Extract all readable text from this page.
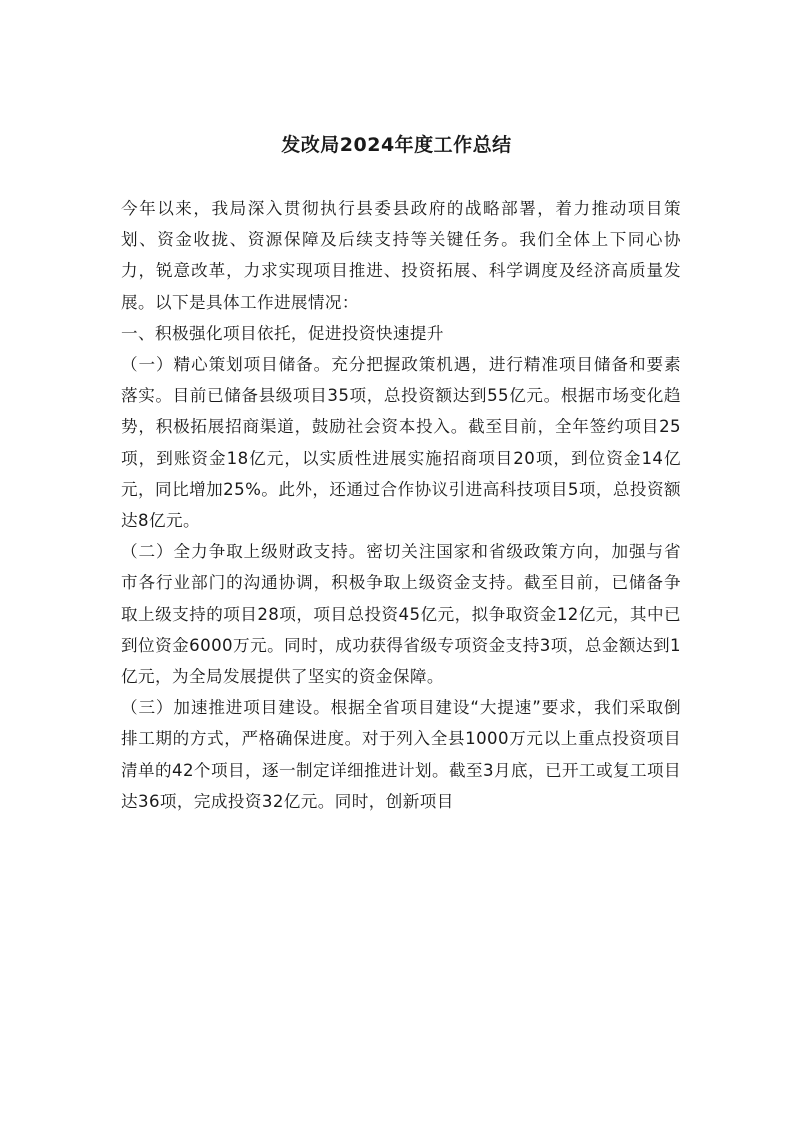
发改局2024年度工作总结

今年以来，我局深入贯彻执行县委县政府的战略部署，着力推动项目策划、资金收拢、资源保障及后续支持等关键任务。我们全体上下同心协力，锐意改革，力求实现项目推进、投资拓展、科学调度及经济高质量发展。以下是具体工作进展情况：

一、积极强化项目依托，促进投资快速提升

（一）精心策划项目储备。充分把握政策机遇，进行精准项目储备和要素落实。目前已储备县级项目35项，总投资额达到55亿元。根据市场变化趋势，积极拓展招商渠道，鼓励社会资本投入。截至目前，全年签约项目25项，到账资金18亿元，以实质性进展实施招商项目20项，到位资金14亿元，同比增加25%。此外，还通过合作协议引进高科技项目5项，总投资额达8亿元。

（二）全力争取上级财政支持。密切关注国家和省级政策方向，加强与省市各行业部门的沟通协调，积极争取上级资金支持。截至目前，已储备争取上级支持的项目28项，项目总投资45亿元，拟争取资金12亿元，其中已到位资金6000万元。同时，成功获得省级专项资金支持3项，总金额达到1亿元，为全局发展提供了坚实的资金保障。

（三）加速推进项目建设。根据全省项目建设“大提速”要求，我们采取倒排工期的方式，严格确保进度。对于列入全县1000万元以上重点投资项目清单的42个项目，逐一制定详细推进计划。截至3月底，已开工或复工项目达36项，完成投资32亿元。同时，创新项目
